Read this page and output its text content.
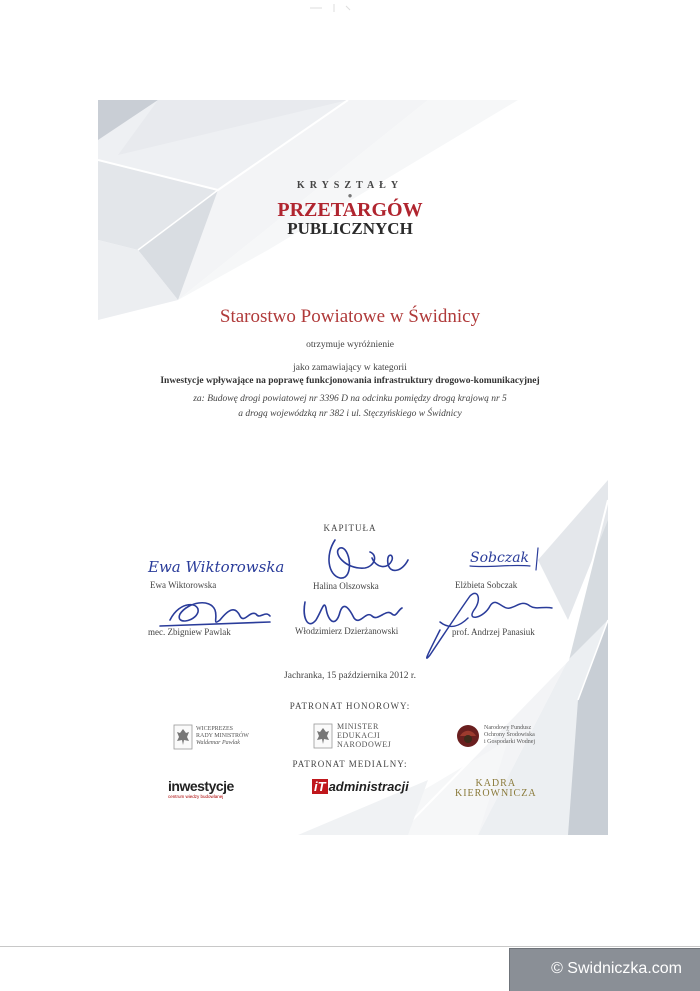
KRYSZTAŁY
●
PRZETARGÓW
PUBLICZNYCH
Starostwo Powiatowe w Świdnicy
otrzymuje wyróżnienie
jako zamawiający w kategorii
Inwestycje wpływające na poprawę funkcjonowania infrastruktury drogowo-komunikacyjnej
za: Budowę drogi powiatowej nr 3396 D na odcinku pomiędzy drogą krajową nr 5
a drogą wojewódzką nr 382 i ul. Stęczyńskiego w Świdnicy
KAPITUŁA
Ewa Wiktorowska	Sobczak
Ewa Wiktorowska	Halina Olszowska	Elżbieta Sobczak
mec. Zbigniew Pawlak	Włodzimierz Dzierżanowski	prof. Andrzej Panasiuk
Jachranka, 15 października 2012 r.
PATRONAT HONOROWY:
WICEPREZES
RADY MINISTRÓW
Waldemar Pawlak
MINISTER
EDUKACJI
NARODOWEJ
Narodowy Fundusz
Ochrony Środowiska
i Gospodarki Wodnej
PATRONAT MEDIALNY:
inwestycje
centrum wiedzy budowlanej
iT administracji	KADRA
KIEROWNICZA
© Swidniczka.com
